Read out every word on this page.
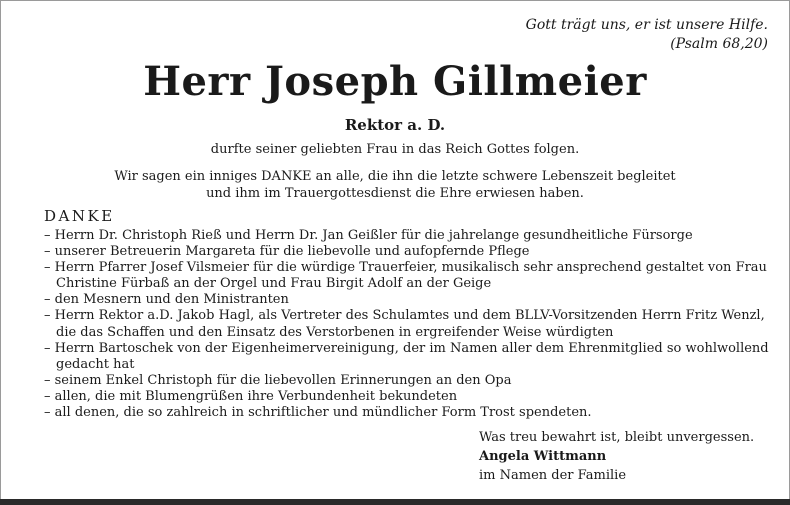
Gott trägt uns, er ist unsere Hilfe.
(Psalm 68,20)
Herr Joseph Gillmeier
Rektor a. D.
durfte seiner geliebten Frau in das Reich Gottes folgen.
Wir sagen ein inniges DANKE an alle, die ihn die letzte schwere Lebenszeit begleitet
und ihm im Trauergottesdienst die Ehre erwiesen haben.
DANKE
– Herrn Dr. Christoph Rieß und Herrn Dr. Jan Geißler für die jahrelange gesundheitliche Fürsorge
– unserer Betreuerin Margareta für die liebevolle und aufopfernde Pflege
– Herrn Pfarrer Josef Vilsmeier für die würdige Trauerfeier, musikalisch sehr ansprechend gestaltet von Frau Christine Fürbaß an der Orgel und Frau Birgit Adolf an der Geige
– den Mesnern und den Ministranten
– Herrn Rektor a.D. Jakob Hagl, als Vertreter des Schulamtes und dem BLLV-Vorsitzenden Herrn Fritz Wenzl, die das Schaffen und den Einsatz des Verstorbenen in ergreifender Weise würdigten
– Herrn Bartoschek von der Eigenheimervereinigung, der im Namen aller dem Ehrenmitglied so wohlwollend gedacht hat
– seinem Enkel Christoph für die liebevollen Erinnerungen an den Opa
– allen, die mit Blumengrüßen ihre Verbundenheit bekundeten
– all denen, die so zahlreich in schriftlicher und mündlicher Form Trost spendeten.
Was treu bewahrt ist, bleibt unvergessen.
Angela Wittmann
im Namen der Familie
